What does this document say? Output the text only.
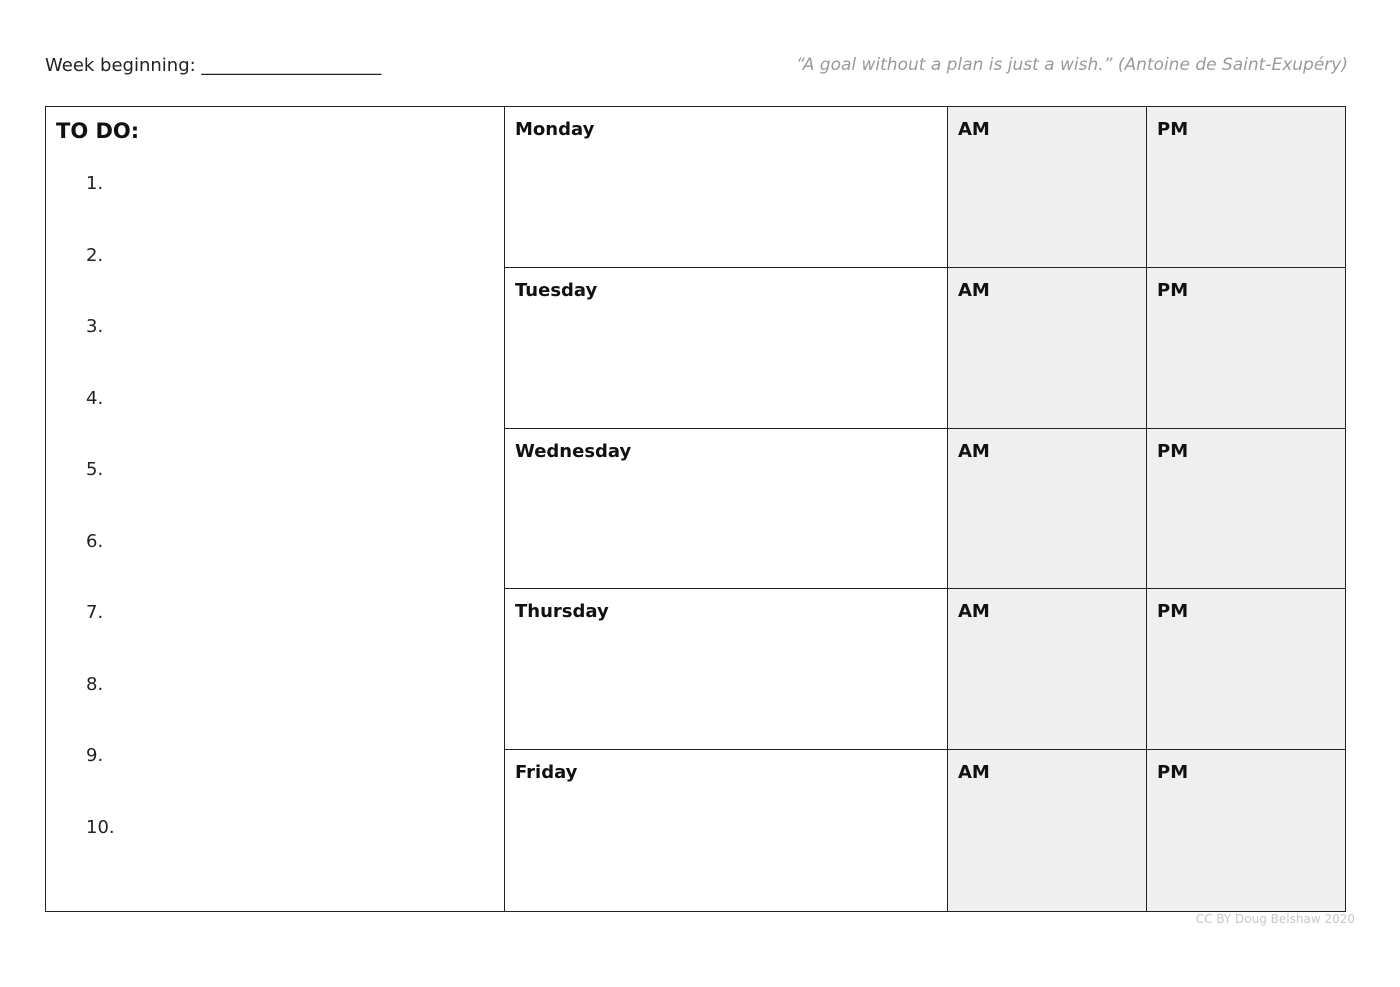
Week beginning: ____________________	“A goal without a plan is just a wish.” (Antoine de Saint-Exupéry)
TO DO:
1.
2.
3.
4.
5.
6.
7.
8.
9.
10.
Monday	AM	PM
Tuesday	AM	PM
Wednesday	AM	PM
Thursday	AM	PM
Friday	AM	PM
CC BY Doug Belshaw 2020
